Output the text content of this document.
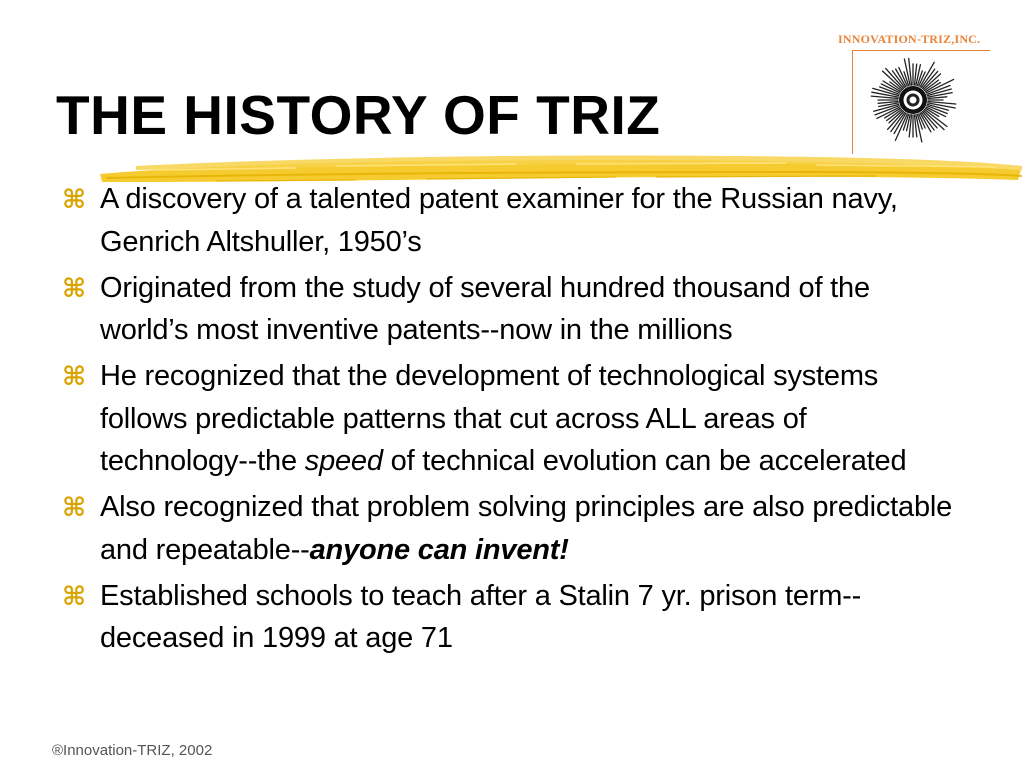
INNOVATION-TRIZ,INC.
THE HISTORY OF TRIZ
⌘ A discovery of a talented patent examiner for the Russian navy, Genrich Altshuller, 1950’s
⌘ Originated from the study of several hundred thousand of the world’s most inventive patents--now in the millions
⌘ He recognized that the development of technological systems follows predictable patterns that cut across ALL areas of technology--the speed of technical evolution can be accelerated
⌘ Also recognized that problem solving principles are also predictable and repeatable--anyone can invent!
⌘ Established schools to teach after a Stalin 7 yr. prison term--deceased in 1999 at age 71
®Innovation-TRIZ, 2002
